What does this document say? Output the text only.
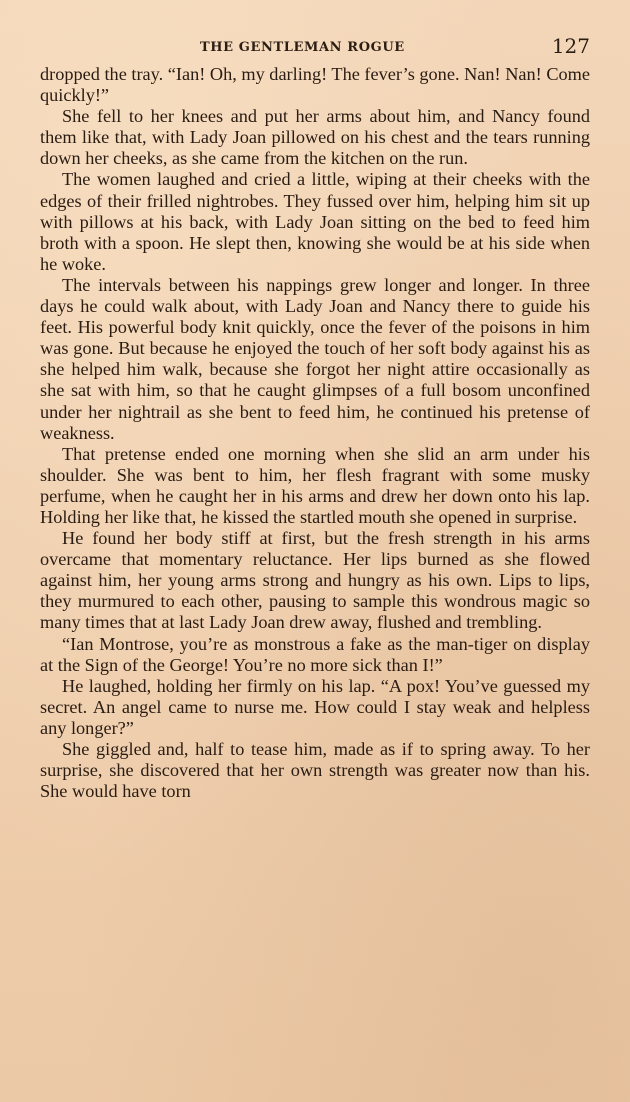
THE GENTLEMAN ROGUE	127

dropped the tray. “Ian! Oh, my darling! The fever’s gone. Nan! Nan! Come quickly!”

She fell to her knees and put her arms about him, and Nancy found them like that, with Lady Joan pillowed on his chest and the tears running down her cheeks, as she came from the kitchen on the run.

The women laughed and cried a little, wiping at their cheeks with the edges of their frilled nightrobes. They fussed over him, helping him sit up with pillows at his back, with Lady Joan sitting on the bed to feed him broth with a spoon. He slept then, knowing she would be at his side when he woke.

The intervals between his nappings grew longer and longer. In three days he could walk about, with Lady Joan and Nancy there to guide his feet. His powerful body knit quickly, once the fever of the poisons in him was gone. But because he enjoyed the touch of her soft body against his as she helped him walk, because she forgot her night attire occasionally as she sat with him, so that he caught glimpses of a full bosom unconfined under her nightrail as she bent to feed him, he continued his pretense of weakness.

That pretense ended one morning when she slid an arm under his shoulder. She was bent to him, her flesh fragrant with some musky perfume, when he caught her in his arms and drew her down onto his lap. Holding her like that, he kissed the startled mouth she opened in surprise.

He found her body stiff at first, but the fresh strength in his arms overcame that momentary reluctance. Her lips burned as she flowed against him, her young arms strong and hungry as his own. Lips to lips, they murmured to each other, pausing to sample this wondrous magic so many times that at last Lady Joan drew away, flushed and trembling.

“Ian Montrose, you’re as monstrous a fake as the man-tiger on display at the Sign of the George! You’re no more sick than I!”

He laughed, holding her firmly on his lap. “A pox! You’ve guessed my secret. An angel came to nurse me. How could I stay weak and helpless any longer?”

She giggled and, half to tease him, made as if to spring away. To her surprise, she discovered that her own strength was greater now than his. She would have torn
